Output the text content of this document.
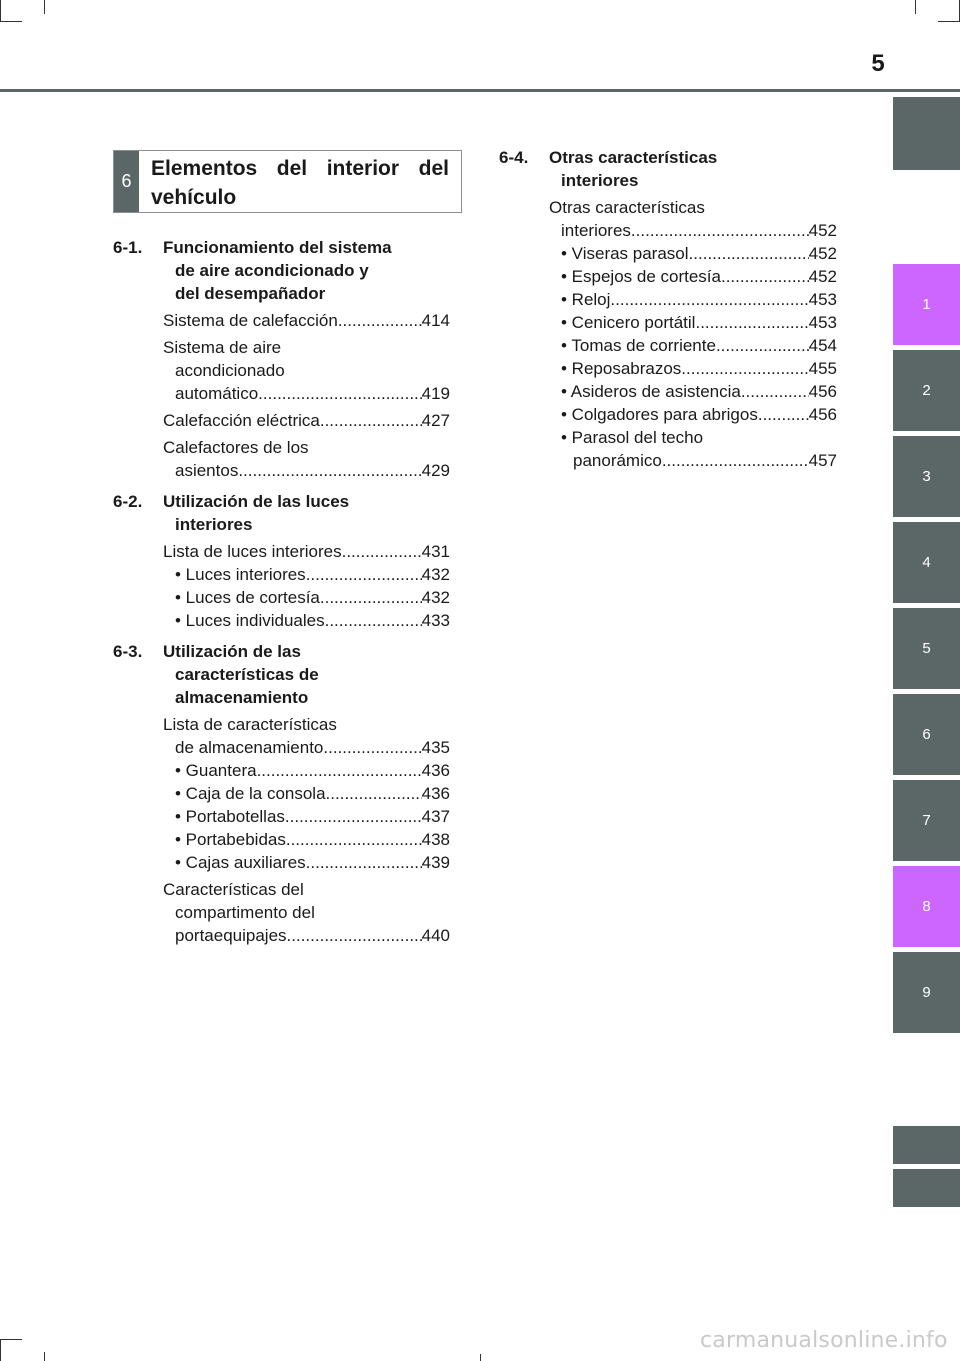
5
1
2
3
4
5
6
7
8
9
6
Elementos del interior del
vehículo
6-1.	Funcionamiento del sistema
de aire acondicionado y
del desempañador
Sistema de calefacción .....	414
Sistema de aire
acondicionado
automático .....	419
Calefacción eléctrica .....	427
Calefactores de los
asientos .....	429
6-2.	Utilización de las luces
interiores
Lista de luces interiores .....	431
• Luces interiores .....	432
• Luces de cortesía .....	432
• Luces individuales .....	433
6-3.	Utilización de las
características de
almacenamiento
Lista de características
de almacenamiento .....	435
• Guantera .....	436
• Caja de la consola .....	436
• Portabotellas .....	437
• Portabebidas .....	438
• Cajas auxiliares .....	439
Características del
compartimento del
portaequipajes .....	440
6-4.	Otras características
interiores
Otras características
interiores .....	452
• Viseras parasol .....	452
• Espejos de cortesía .....	452
• Reloj .....	453
• Cenicero portátil .....	453
• Tomas de corriente .....	454
• Reposabrazos .....	455
• Asideros de asistencia .....	456
• Colgadores para abrigos .....	456
• Parasol del techo
panorámico .....	457
carmanualsonline.info
